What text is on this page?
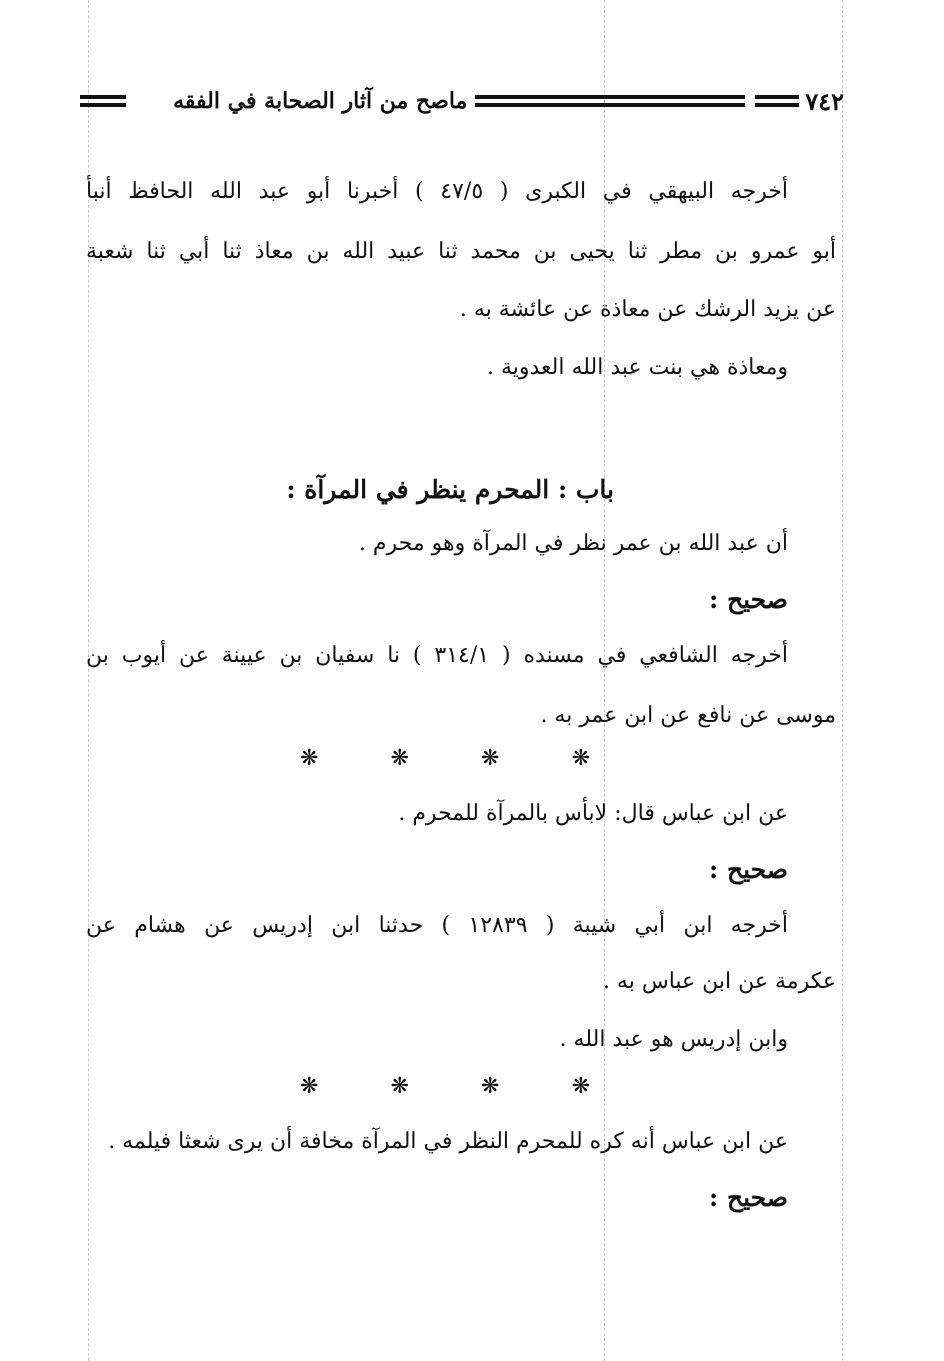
٧٤٢
ماصح من آثار الصحابة في الفقه
أخرجه البيهقي في الكبرى ( ٤٧/٥ ) أخبرنا أبو عبد الله الحافظ أنبأ
أبو عمرو بن مطر ثنا يحيى بن محمد ثنا عبيد الله بن معاذ ثنا أبي ثنا شعبة
عن يزيد الرشك عن معاذة عن عائشة به .
ومعاذة هي بنت عبد الله العدوية .
باب : المحرم ينظر في المرآة :
أن عبد الله بن عمر نظر في المرآة وهو محرم .
صحيح :
أخرجه الشافعي في مسنده ( ٣١٤/١ ) نا سفيان بن عيينة عن أيوب بن
موسى عن نافع عن ابن عمر به .
❋
❋
❋
❋
عن ابن عباس قال: لابأس بالمرآة للمحرم .
صحيح :
أخرجه ابن أبي شيبة ( ١٢٨٣٩ ) حدثنا ابن إدريس عن هشام عن
عكرمة عن ابن عباس به .
وابن إدريس هو عبد الله .
❋
❋
❋
❋
عن ابن عباس أنه كره للمحرم النظر في المرآة مخافة أن يرى شعثا فيلمه .
صحيح :
